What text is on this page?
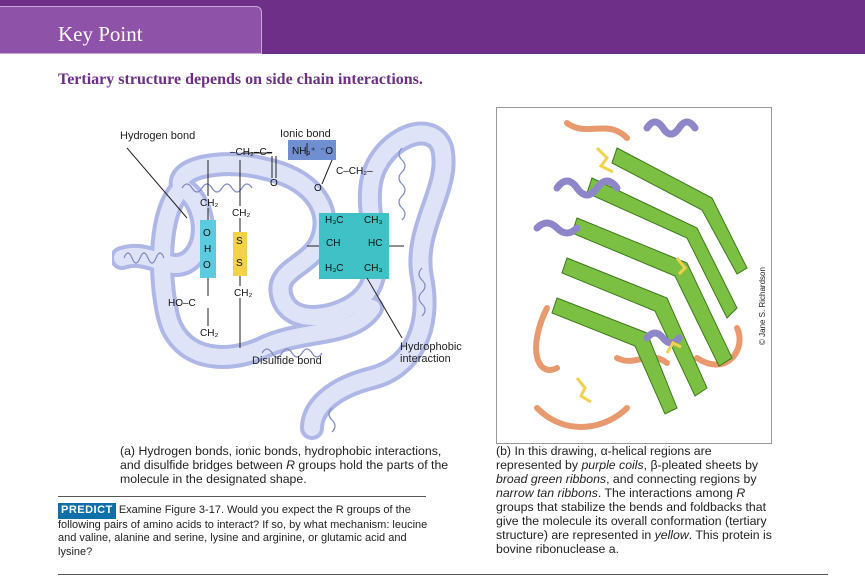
Key Point
Tertiary structure depends on side chain interactions.
Hydrogen bond	Ionic bond
Disulfide bond
Hydrophobic interaction
–CH₂–C– NH₃⁺ ⁻O
O
C–CH₂–
O
CH₂
CH₂
O
H
O
S
S
CH₂
HO–C
CH₂
H₃C CH₃
CH	HC
H₃C CH₃	© Jane S. Richardson
(a) Hydrogen bonds, ionic bonds, hydrophobic interactions, and disulfide bridges between R groups hold the parts of the molecule in the designated shape.
(b) In this drawing, α-helical regions are represented by purple coils, β-pleated sheets by broad green ribbons, and connecting regions by narrow tan ribbons. The interactions among R groups that stabilize the bends and foldbacks that give the molecule its overall conformation (tertiary structure) are represented in yellow. This protein is bovine ribonuclease a.
PREDICT Examine Figure 3-17. Would you expect the R groups of the following pairs of amino acids to interact? If so, by what mechanism: leucine and valine, alanine and serine, lysine and arginine, or glutamic acid and lysine?
